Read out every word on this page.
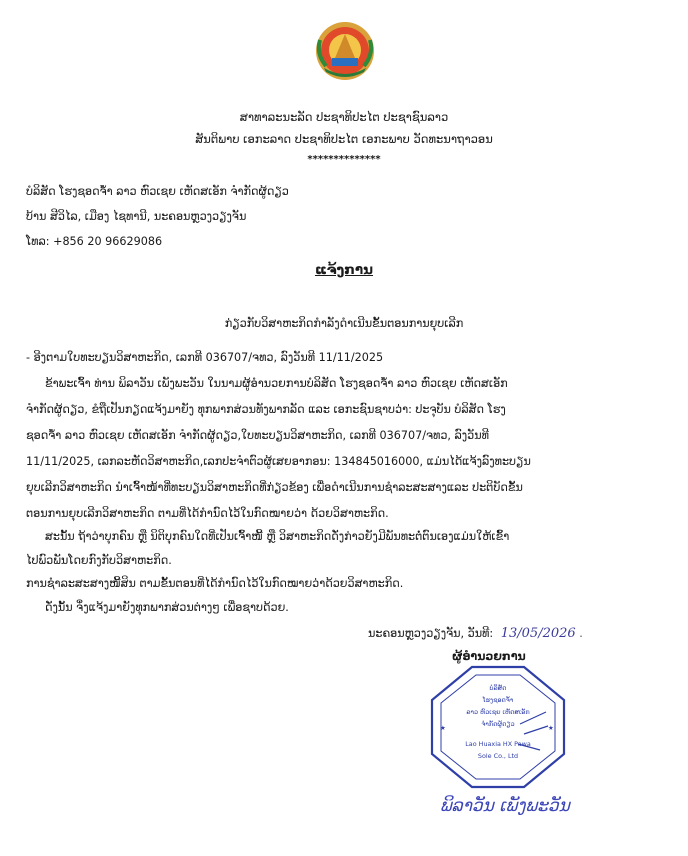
ສາທາລະນະລັດ ປະຊາທິປະໄຕ ປະຊາຊົນລາວ
ສັນຕິພາບ ເອກະລາດ ປະຊາທິປະໄຕ ເອກະພາບ ວັດທະນາຖາວອນ
**************
ບໍລິສັດ ໂຮງຊອດຈ້ຳ ລາວ ຫົວເຊຍ ເຫັດສເອັກ ຈຳກັດຜູ້ດຽວ
ບ້ານ ສີວິໄລ, ເມືອງ ໄຊທານີ, ນະຄອນຫຼວງວຽງຈັນ
ໂທລ: +856 20 96629086
ແຈ້ງການ
ກ່ຽວກັບວິສາຫະກິດກຳລັງດຳເນີນຂັ້ນຕອນການຍຸບເລີກ
- ອີງຕາມໃບທະບຽນວິສາຫະກິດ, ເລກທີ 036707/ຈທວ, ລົງວັນທີ 11/11/2025
ຂ້າພະເຈົ້າ ທ່ານ ພິລາວັນ ເພັງພະວັນ ໃນນາມຜູ້ອຳນວຍການບໍລິສັດ ໂຮງຊອດຈ້ຳ ລາວ ຫົວເຊຍ ເຫັດສເອັກ
ຈຳກັດຜູ້ດຽວ, ຂໍຖືເປັນກຽດແຈ້ງມາຍັງ ທຸກພາກສ່ວນທັງພາກລັດ ແລະ ເອກະຊົນຊາບວ່າ: ປະຈຸບັນ ບໍລິສັດ ໂຮງ
ຊອດຈ້ຳ ລາວ ຫົວເຊຍ ເຫັດສເອັກ ຈຳກັດຜູ້ດຽວ,ໃບທະບຽນວິສາຫະກິດ, ເລກທີ 036707/ຈທວ, ລົງວັນທີ
11/11/2025, ເລກລະຫັດວິສາຫະກິດ,ເລກປະຈຳຕົວຜູ້ເສຍອາກອນ: 134845016000, ແມ່ນໄດ້ແຈ້ງລົງທະບຽນ
ຍຸບເລີກວິສາຫະກິດ ນຳເຈົ້າໜ້າທີ່ທະບຽນວິສາຫະກິດທີ່ກ່ຽວຂ້ອງ ເພື່ອດຳເນີນການຊຳລະສະສາງແລະ ປະຕິບັດຂັ້ນ
ຕອນການຍຸບເລີກວິສາຫະກິດ ຕາມທີ່ໄດ້ກຳນົດໄວ້ໃນກົດໝາຍວ່າ ດ້ວຍວິສາຫະກິດ.
ສະນັ້ນ ຖ້າວ່າບຸກຄົນ ຫຼື ນິຕິບຸກຄົນໃດທີ່ເປັນເຈົ້າໜີ້ ຫຼື ວິສາຫະກິດດັ່ງກ່າວຍັງມີພັນທະຕໍ່ຕົນເອງແມ່ນໃຫ້ເຂົ້າ
ໄປພົວພັນໂດຍກົງກັບວິສາຫະກິດ.
ການຊຳລະສະສາງໜີ້ສິນ ຕາມຂັ້ນຕອນທີ່ໄດ້ກຳນົດໄວ້ໃນກົດໝາຍວ່າດ້ວຍວິສາຫະກິດ.
ດັ່ງນັ້ນ ຈຶ່ງແຈ້ງມາຍັງທຸກພາກສ່ວນຕ່າງໆ ເພື່ອຊາບດ້ວຍ.
ນະຄອນຫຼວງວຽງຈັນ, ວັນທີ: 13/05/2026 .
ຜູ້ອຳນວຍການ
★	★
ບໍລິສັດ
ໂຮງຊອດຈ້ຳ
ລາວ ຫົວເຊຍ ເຫັດສເອັກ
ຈຳກັດຜູ້ດຽວ
Lao Huaxia HX Pawa
Sole Co., Ltd
ພິລາວັນ ເພັງພະວັນ
